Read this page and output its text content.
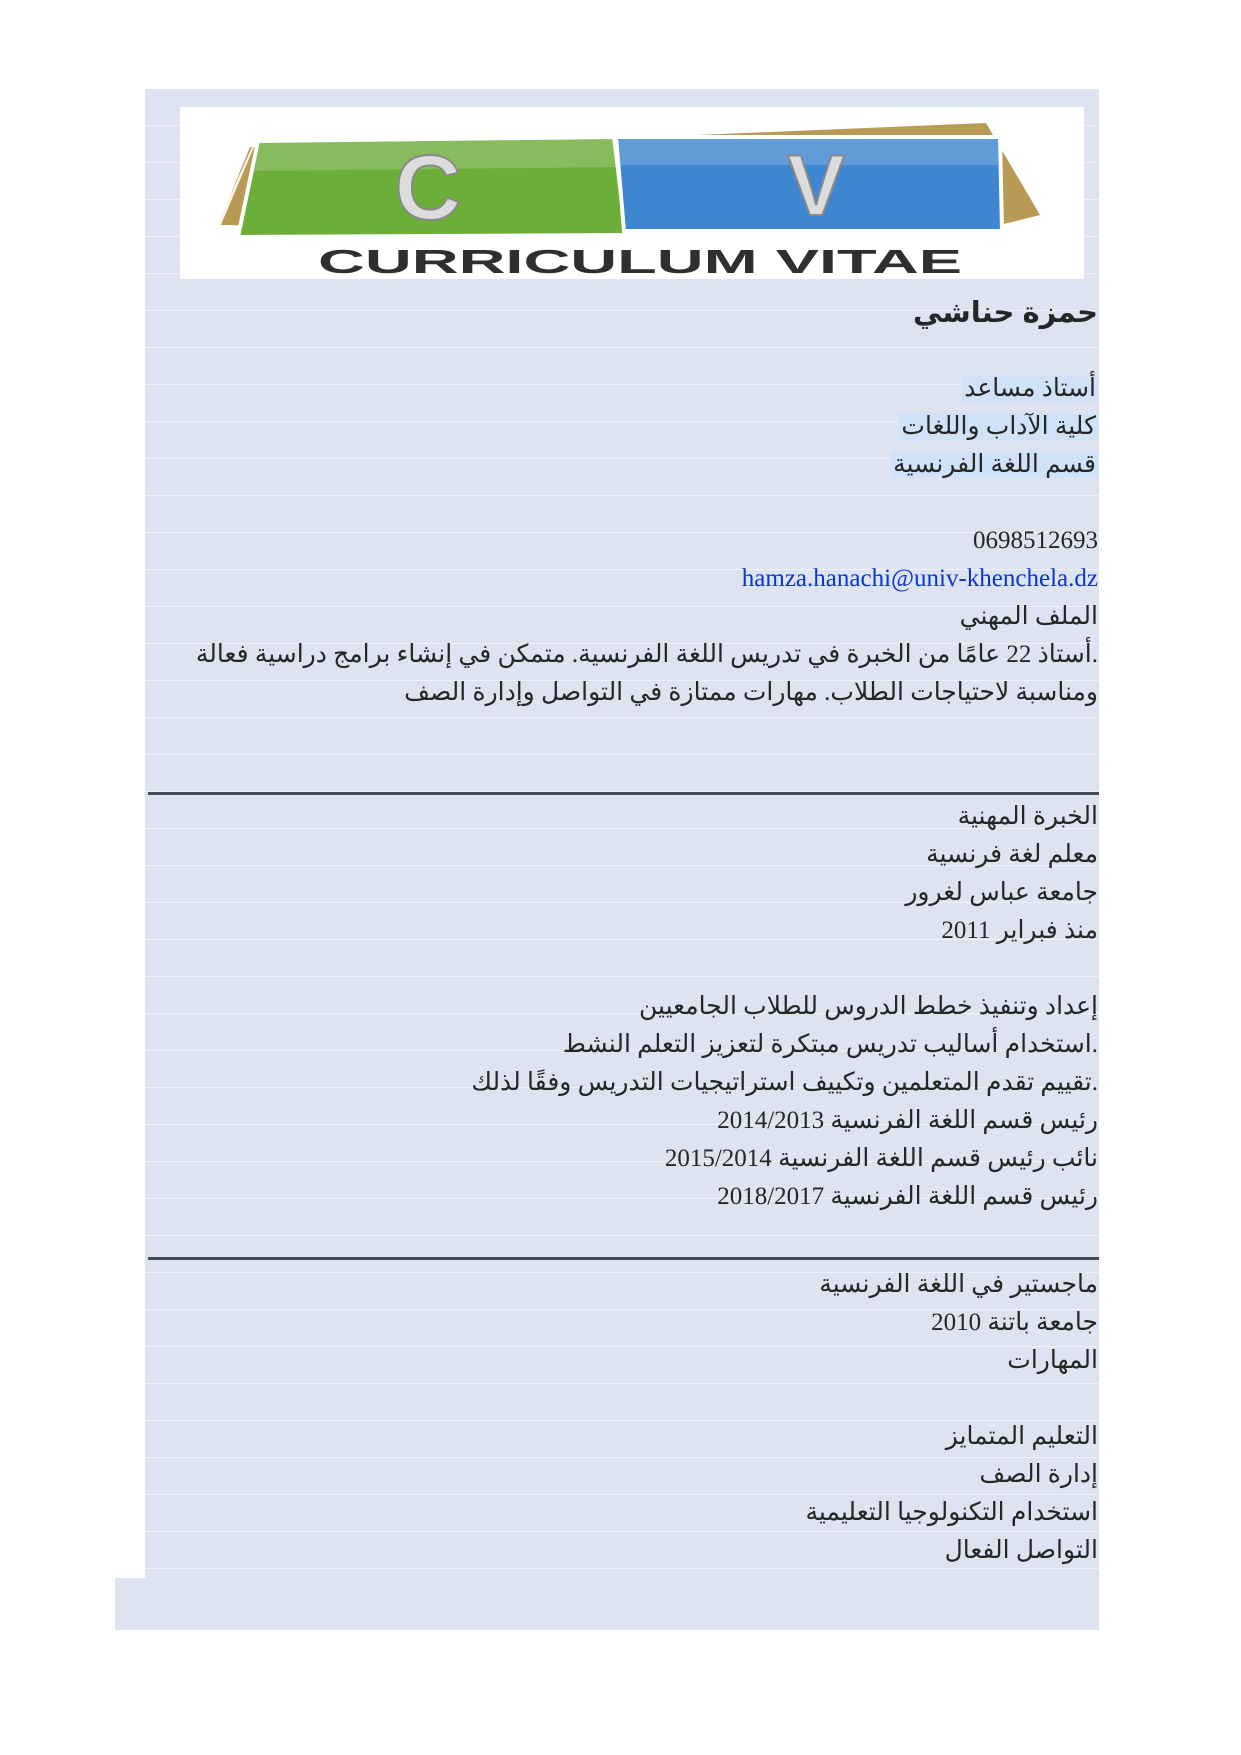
C	V
CURRICULUM VITAE
حمزة حناشي
أستاذ مساعد
كلية الآداب واللغات
قسم اللغة الفرنسية
0698512693
hamza.hanachi@univ-khenchela.dz
الملف المهني
.أستاذ 22 عامًا من الخبرة في تدريس اللغة الفرنسية. متمكن في إنشاء برامج دراسية فعالة ومناسبة لاحتياجات الطلاب. مهارات ممتازة في التواصل وإدارة الصف
الخبرة المهنية
معلم لغة فرنسية
جامعة عباس لغرور
منذ فبراير 2011
إعداد وتنفيذ خطط الدروس للطلاب الجامعيين
.استخدام أساليب تدريس مبتكرة لتعزيز التعلم النشط
.تقييم تقدم المتعلمين وتكييف استراتيجيات التدريس وفقًا لذلك
رئيس قسم اللغة الفرنسية 2014/2013
نائب رئيس قسم اللغة الفرنسية 2015/2014
رئيس قسم اللغة الفرنسية 2018/2017
ماجستير في اللغة الفرنسية
جامعة باتنة 2010
المهارات
التعليم المتمايز
إدارة الصف
استخدام التكنولوجيا التعليمية
التواصل الفعال
